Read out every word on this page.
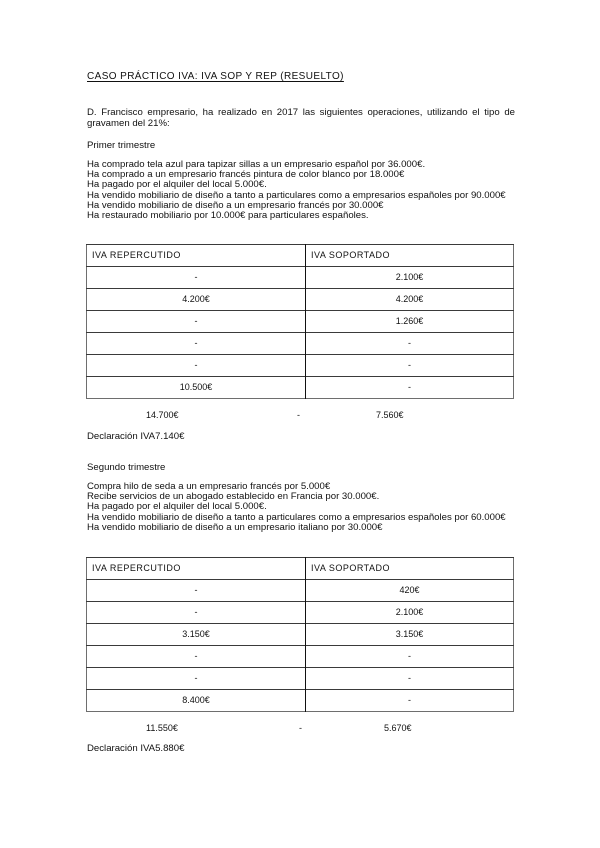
CASO PRÁCTICO IVA: IVA SOP Y REP (RESUELTO)
D. Francisco empresario, ha realizado en 2017 las siguientes operaciones, utilizando el tipo de gravamen del 21%:
Primer trimestre
Ha comprado tela azul para tapizar sillas a un empresario español por 36.000€.
Ha comprado a un empresario francés pintura de color blanco por 18.000€
Ha pagado por el alquiler del local 5.000€.
Ha vendido mobiliario de diseño a tanto a particulares como a empresarios españoles por 90.000€
Ha vendido mobiliario de diseño a un empresario francés por 30.000€
Ha restaurado mobiliario por 10.000€ para particulares españoles.
IVA REPERCUTIDO	IVA SOPORTADO
-	2.100€
4.200€	4.200€
-	1.260€
-	-
-	-
10.500€	-
14.700€	-	7.560€
Declaración IVA7.140€
Segundo trimestre
Compra hilo de seda a un empresario francés por 5.000€
Recibe servicios de un abogado establecido en Francia por 30.000€.
Ha pagado por el alquiler del local 5.000€.
Ha vendido mobiliario de diseño a tanto a particulares como a empresarios españoles por 60.000€
Ha vendido mobiliario de diseño a un empresario italiano por 30.000€
IVA REPERCUTIDO	IVA SOPORTADO
-	420€
-	2.100€
3.150€	3.150€
-	-
-	-
8.400€	-
11.550€	-	5.670€
Declaración IVA5.880€
